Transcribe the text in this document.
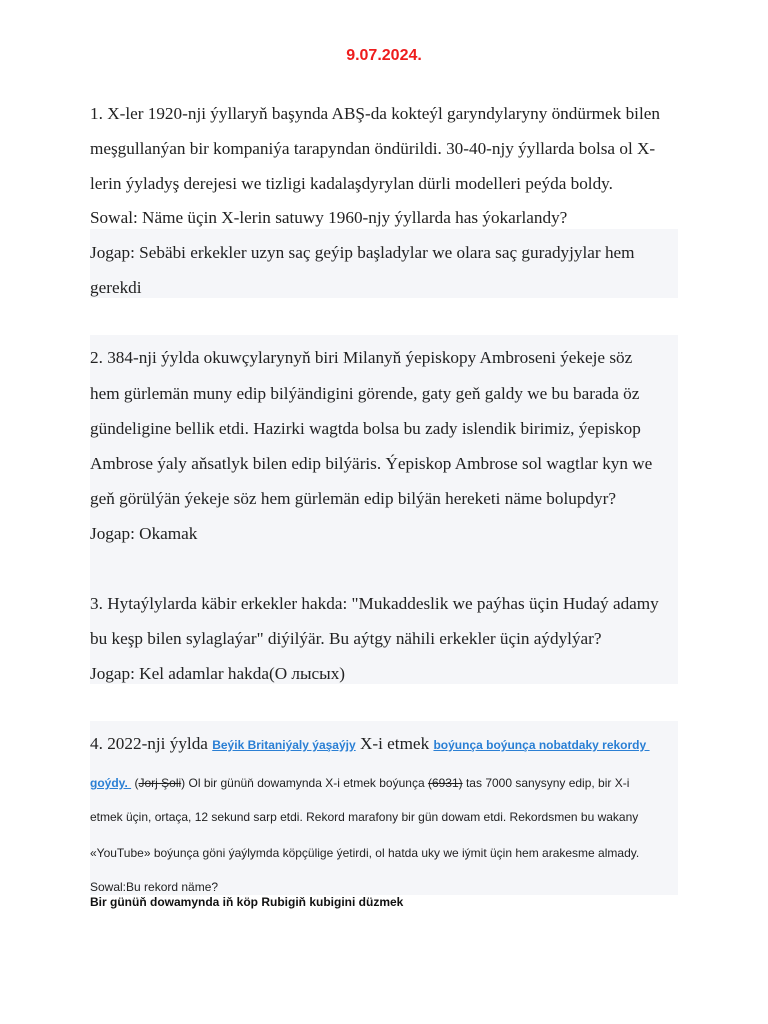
9.07.2024.
1. X-ler 1920-nji ýyllaryň başynda ABŞ-da kokteýl garyndylaryny öndürmek bilen
meşgullanýan bir kompaniýa tarapyndan öndürildi. 30-40-njy ýyllarda bolsa ol X-
lerin ýyladyş derejesi we tizligi kadalaşdyrylan dürli modelleri peýda boldy.
Sowal: Näme üçin X-lerin satuwy 1960-njy ýyllarda has ýokarlandy?
Jogap: Sebäbi erkekler uzyn saç geýip başladylar we olara saç guradyjylar hem
gerekdi
2. 384-nji ýylda okuwçylarynyň biri Milanyň ýepiskopy Ambroseni ýekeje söz
hem gürlemän muny edip bilýändigini görende, gaty geň galdy we bu barada öz
gündeligine bellik etdi. Hazirki wagtda bolsa bu zady islendik birimiz, ýepiskop
Ambrose ýaly aňsatlyk bilen edip bilýäris. Ýepiskop Ambrose sol wagtlar kyn we
geň görülýän ýekeje söz hem gürlemän edip bilýän hereketi näme bolupdyr?
Jogap: Okamak
3. Hytaýlylarda käbir erkekler hakda: "Mukaddeslik we paýhas üçin Hudaý adamy
bu keşp bilen sylaglaýar" diýilýär. Bu aýtgy nähili erkekler üçin aýdylýar?
Jogap: Kel adamlar hakda(О лысых)
4. 2022-nji ýylda Beýik Britaniýaly ýaşaýjy X-i etmek boýunça boýunça nobatdaky rekordy
goýdy.  (Jorj Şoli) Ol bir günüň dowamynda X-i etmek boýunça (6931) tas 7000 sanysyny edip, bir X-i
etmek üçin, ortaça, 12 sekund sarp etdi. Rekord marafony bir gün dowam etdi. Rekordsmen bu wakany
«YouTube» boýunça göni ýaýlymda köpçülige ýetirdi, ol hatda uky we iýmit üçin hem arakesme almady.
Sowal:Bu rekord näme?
Bir günüň dowamynda iň köp Rubigiň kubigini düzmek
